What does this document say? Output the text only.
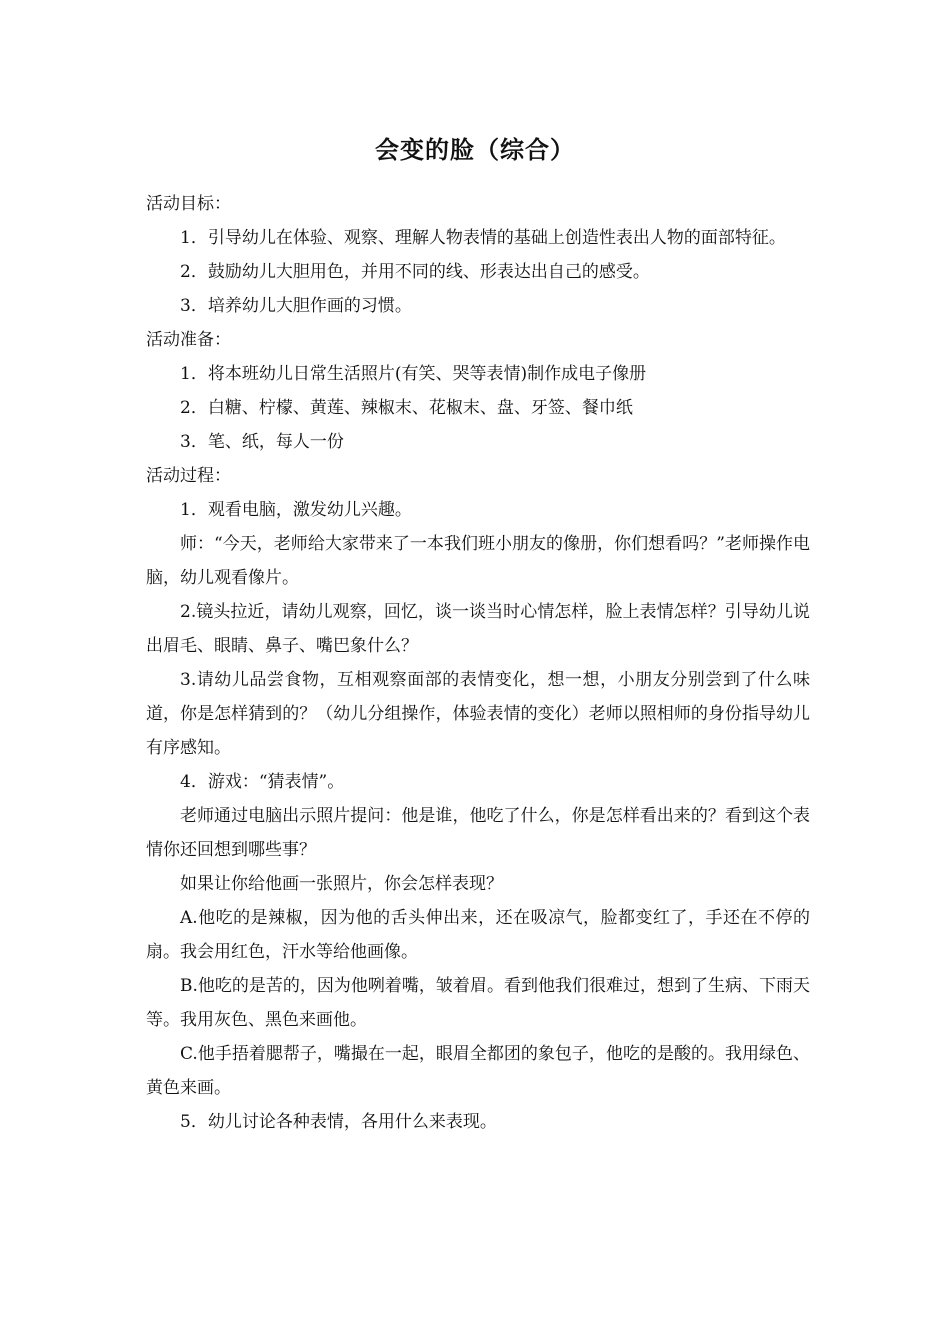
会变的脸（综合）

活动目标：

1．引导幼儿在体验、观察、理解人物表情的基础上创造性表出人物的面部特征。

2．鼓励幼儿大胆用色，并用不同的线、形表达出自己的感受。

3．培养幼儿大胆作画的习惯。

活动准备：

1．将本班幼儿日常生活照片(有笑、哭等表情)制作成电子像册

2．白糖、柠檬、黄莲、辣椒末、花椒末、盘、牙签、餐巾纸

3．笔、纸，每人一份

活动过程：

1．观看电脑，激发幼儿兴趣。

师：“今天，老师给大家带来了一本我们班小朋友的像册，你们想看吗？”老师操作电脑，幼儿观看像片。

2.镜头拉近，请幼儿观察，回忆，谈一谈当时心情怎样，脸上表情怎样？引导幼儿说出眉毛、眼睛、鼻子、嘴巴象什么？

3.请幼儿品尝食物，互相观察面部的表情变化，想一想，小朋友分别尝到了什么味道，你是怎样猜到的？（幼儿分组操作，体验表情的变化）老师以照相师的身份指导幼儿有序感知。

4．游戏：“猜表情”。

老师通过电脑出示照片提问：他是谁，他吃了什么，你是怎样看出来的？看到这个表情你还回想到哪些事？

如果让你给他画一张照片，你会怎样表现？

A.他吃的是辣椒，因为他的舌头伸出来，还在吸凉气，脸都变红了，手还在不停的扇。我会用红色，汗水等给他画像。

B.他吃的是苦的，因为他咧着嘴，皱着眉。看到他我们很难过，想到了生病、下雨天等。我用灰色、黑色来画他。

C.他手捂着腮帮子，嘴撮在一起，眼眉全都团的象包子，他吃的是酸的。我用绿色、黄色来画。

5．幼儿讨论各种表情，各用什么来表现。
